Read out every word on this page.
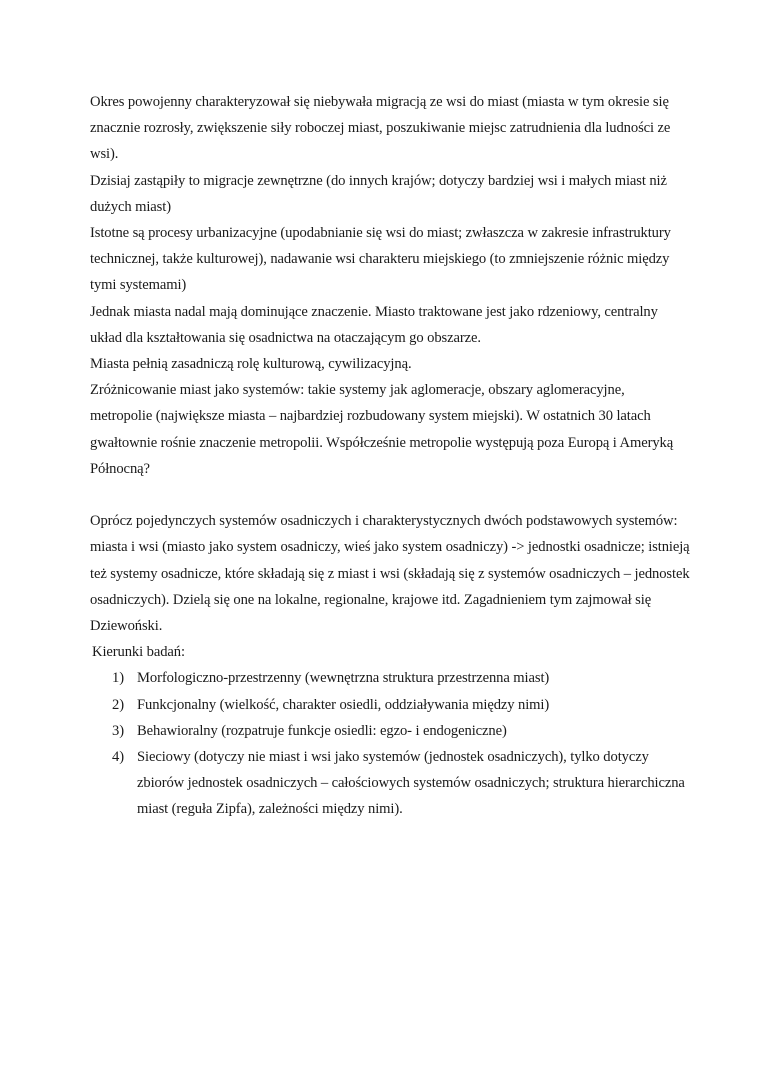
Okres powojenny charakteryzował się niebywała migracją ze wsi do miast (miasta w tym okresie się znacznie rozrosły, zwiększenie siły roboczej miast, poszukiwanie miejsc zatrudnienia dla ludności ze wsi).

Dzisiaj zastąpiły to migracje zewnętrzne (do innych krajów; dotyczy bardziej wsi i małych miast niż dużych miast)

Istotne są procesy urbanizacyjne (upodabnianie się wsi do miast; zwłaszcza w zakresie infrastruktury technicznej, także kulturowej), nadawanie wsi charakteru miejskiego (to zmniejszenie różnic między tymi systemami)

Jednak miasta nadal mają dominujące znaczenie. Miasto traktowane jest jako rdzeniowy, centralny układ dla kształtowania się osadnictwa na otaczającym go obszarze.

Miasta pełnią zasadniczą rolę kulturową, cywilizacyjną.

Zróżnicowanie miast jako systemów: takie systemy jak aglomeracje, obszary aglomeracyjne, metropolie (największe miasta – najbardziej rozbudowany system miejski). W ostatnich 30 latach gwałtownie rośnie znaczenie metropolii. Współcześnie metropolie występują poza Europą i Ameryką Północną?

Oprócz pojedynczych systemów osadniczych i charakterystycznych dwóch podstawowych systemów: miasta i wsi (miasto jako system osadniczy, wieś jako system osadniczy) -> jednostki osadnicze; istnieją też systemy osadnicze, które składają się z miast i wsi (składają się z systemów osadniczych – jednostek osadniczych). Dzielą się one na lokalne, regionalne, krajowe itd. Zagadnieniem tym zajmował się Dziewoński.

Kierunki badań:

1) Morfologiczno-przestrzenny (wewnętrzna struktura przestrzenna miast)
2) Funkcjonalny (wielkość, charakter osiedli, oddziaływania między nimi)
3) Behawioralny (rozpatruje funkcje osiedli: egzo- i endogeniczne)
4) Sieciowy (dotyczy nie miast i wsi jako systemów (jednostek osadniczych), tylko dotyczy zbiorów jednostek osadniczych – całościowych systemów osadniczych; struktura hierarchiczna miast (reguła Zipfa), zależności między nimi).
